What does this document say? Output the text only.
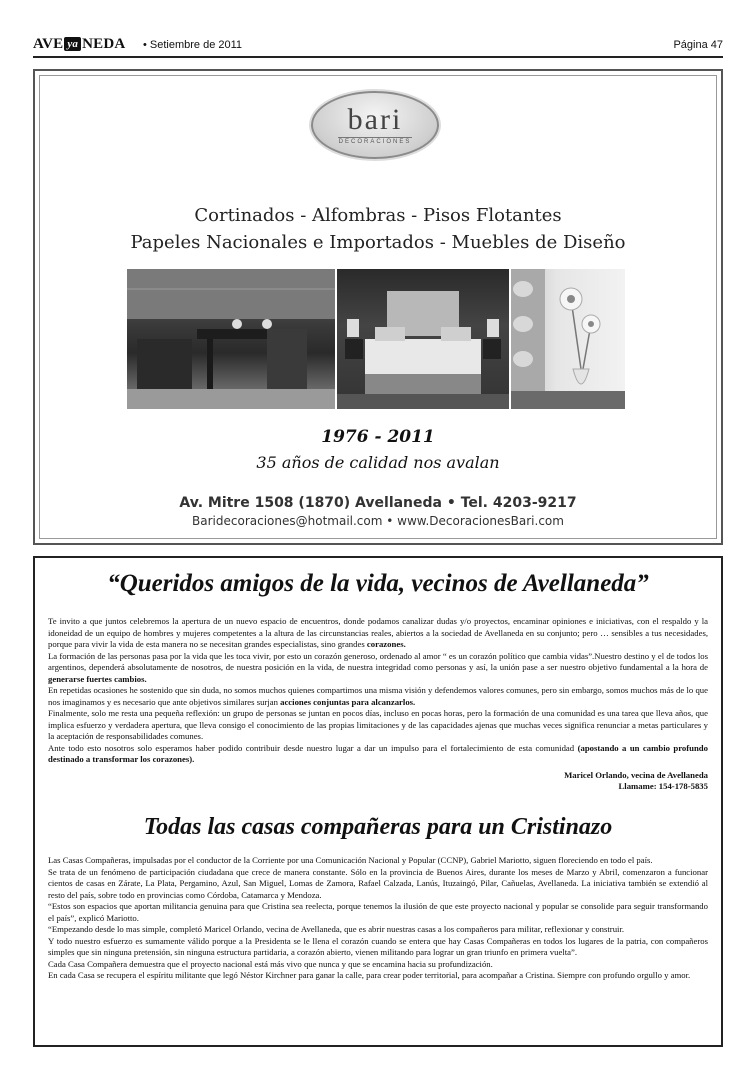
AVE ya NEDA • Setiembre de 2011	Página 47
bari
DECORACIONES
Cortinados - Alfombras - Pisos Flotantes
Papeles Nacionales e Importados - Muebles de Diseño
1976 - 2011
35 años de calidad nos avalan
Av. Mitre 1508 (1870) Avellaneda • Tel. 4203-9217
Baridecoraciones@hotmail.com • www.DecoracionesBari.com
“Queridos amigos de la vida, vecinos de Avellaneda”

Te invito a que juntos celebremos la apertura de un nuevo espacio de encuentros, donde podamos canalizar dudas y/o proyectos, encaminar opiniones e iniciativas, con el respaldo y la idoneidad de un equipo de hombres y mujeres competentes a la altura de las circunstancias reales, abiertos a la sociedad de Avellaneda en su conjunto; pero … sensibles a tus necesidades, porque para vivir la vida de esta manera no se necesitan grandes especialistas, sino grandes corazones.

La formación de las personas pasa por la vida que les toca vivir, por esto un corazón generoso, ordenado al amor “ es un corazón político que cambia vidas”.Nuestro destino y el de todos los argentinos, dependerá absolutamente de nosotros, de nuestra posición en la vida, de nuestra integridad como personas y así, la unión pase a ser nuestro objetivo fundamental a la hora de generarse fuertes cambios.

En repetidas ocasiones he sostenido que sin duda, no somos muchos quienes compartimos una misma visión y defendemos valores comunes, pero sin embargo, somos muchos más de lo que nos imaginamos y es necesario que ante objetivos similares surjan acciones conjuntas para alcanzarlos.

Finalmente, solo me resta una pequeña reflexión: un grupo de personas se juntan en pocos días, incluso en pocas horas, pero la formación de una comunidad es una tarea que lleva años, que implica esfuerzo y verdadera apertura, que lleva consigo el conocimiento de las propias limitaciones y de las capacidades ajenas que muchas veces significa renunciar a metas particulares y la aceptación de responsabilidades comunes.

Ante todo esto nosotros solo esperamos haber podido contribuir desde nuestro lugar a dar un impulso para el fortalecimiento de esta comunidad (apostando a un cambio profundo destinado a transformar los corazones).

Maricel Orlando, vecina de Avellaneda
Llamame: 154-178-5835
Todas las casas compañeras para un Cristinazo

Las Casas Compañeras, impulsadas por el conductor de la Corriente por una Comunicación Nacional y Popular (CCNP), Gabriel Mariotto, siguen floreciendo en todo el país.

Se trata de un fenómeno de participación ciudadana que crece de manera constante. Sólo en la provincia de Buenos Aires, durante los meses de Marzo y Abril, comenzaron a funcionar cientos de casas en Zárate, La Plata, Pergamino, Azul, San Miguel, Lomas de Zamora, Rafael Calzada, Lanús, Ituzaingó, Pilar, Cañuelas, Avellaneda. La iniciativa también se extendió al resto del país, sobre todo en provincias como Córdoba, Catamarca y Mendoza.

“Estos son espacios que aportan militancia genuina para que Cristina sea reelecta, porque tenemos la ilusión de que este proyecto nacional y popular se consolide para seguir transformando el país”, explicó Mariotto.

“Empezando desde lo mas simple, completó Maricel Orlando, vecina de Avellaneda, que es abrir nuestras casas a los compañeros para militar, reflexionar y construir.

Y todo nuestro esfuerzo es sumamente válido porque a la Presidenta se le llena el corazón cuando se entera que hay Casas Compañeras en todos los lugares de la patria, con compañeros simples que sin ninguna pretensión, sin ninguna estructura partidaria, a corazón abierto, vienen militando para lograr un gran triunfo en primera vuelta”.

Cada Casa Compañera demuestra que el proyecto nacional está más vivo que nunca y que se encamina hacia su profundización.

En cada Casa se recupera el espíritu militante que legó Néstor Kirchner para ganar la calle, para crear poder territorial, para acompañar a Cristina. Siempre con profundo orgullo y amor.
